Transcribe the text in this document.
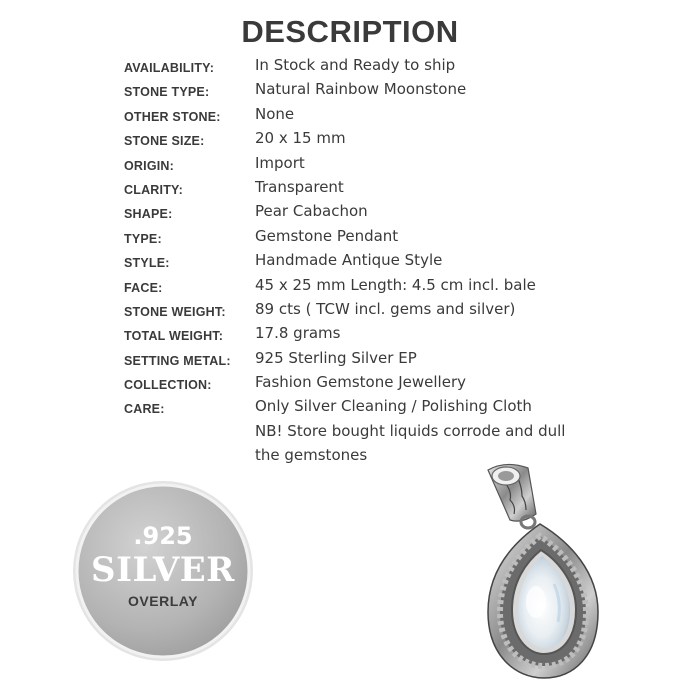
DESCRIPTION
AVAILABILITY:	In Stock and Ready to ship
STONE TYPE:	Natural Rainbow Moonstone
OTHER STONE: None
STONE SIZE:	20 x 15 mm
ORIGIN:	Import
CLARITY:	Transparent
SHAPE:	Pear Cabachon
TYPE:	Gemstone Pendant
STYLE:	Handmade Antique Style
FACE:	45 x 25 mm Length: 4.5 cm incl. bale
STONE WEIGHT: 89 cts ( TCW incl. gems and silver)
TOTAL WEIGHT: 17.8 grams
SETTING METAL: 925 Sterling Silver EP
COLLECTION:	Fashion Gemstone Jewellery
CARE:	Only Silver Cleaning / Polishing Cloth
NB! Store bought liquids corrode and dull
the gemstones
.925
SILVER
OVERLAY
